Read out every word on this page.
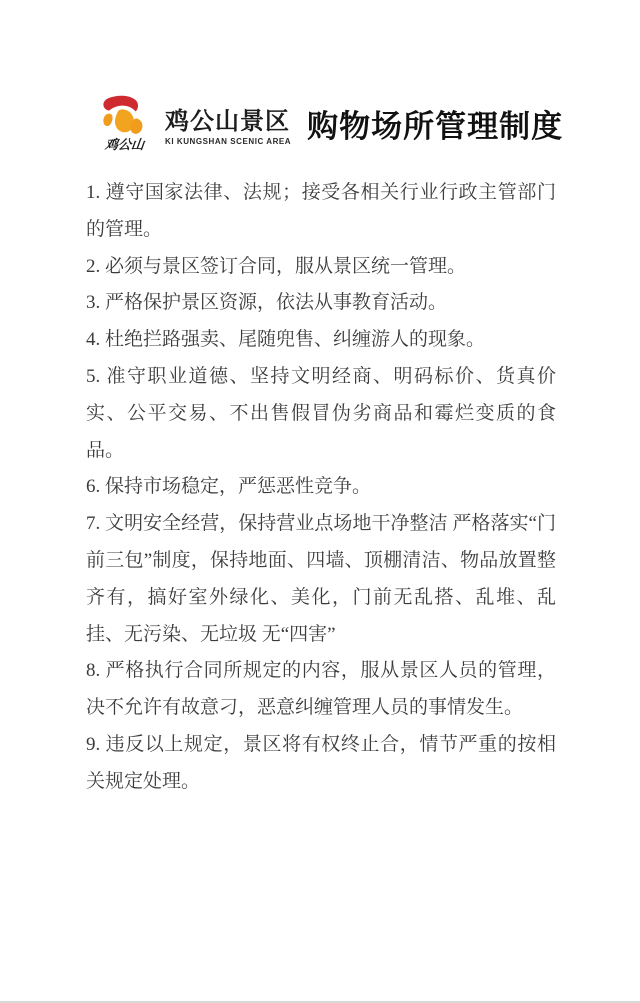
鸡公山
鸡公山景区
KI KUNGSHAN SCENIC AREA 购物场所管理制度

1. 遵守国家法律、法规；接受各相关行业行政主管部门的管理。

2. 必须与景区签订合同，服从景区统一管理。

3. 严格保护景区资源，依法从事教育活动。

4. 杜绝拦路强卖、尾随兜售、纠缠游人的现象。

5. 准守职业道德、坚持文明经商、明码标价、货真价实、公平交易、不出售假冒伪劣商品和霉烂变质的食品。

6. 保持市场稳定，严惩恶性竞争。

7. 文明安全经营，保持营业点场地干净整洁 严格落实“门前三包”制度，保持地面、四墙、顶棚清洁、物品放置整齐有，搞好室外绿化、美化，门前无乱搭、乱堆、乱挂、无污染、无垃圾 无“四害”

8. 严格执行合同所规定的内容，服从景区人员的管理，决不允许有故意刁，恶意纠缠管理人员的事情发生。

9. 违反以上规定，景区将有权终止合，情节严重的按相关规定处理。
